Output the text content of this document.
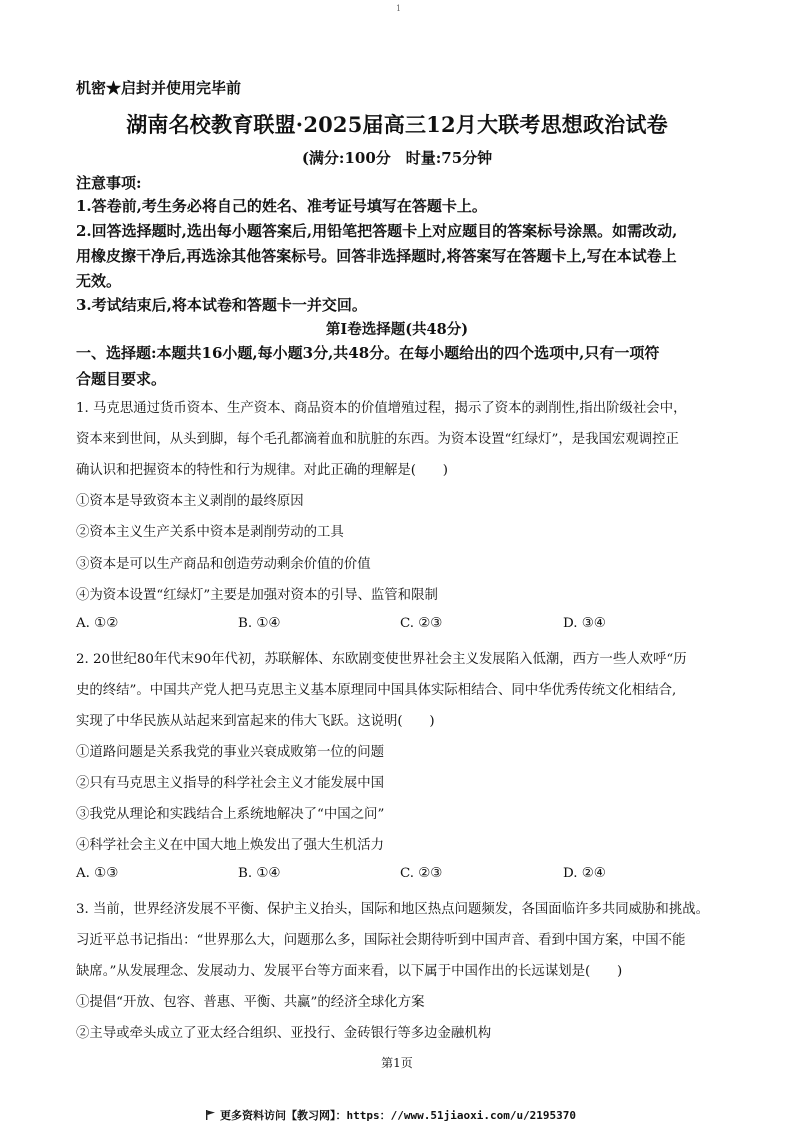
1
机密★启封并使用完毕前
湖南名校教育联盟·2025届高三12月大联考思想政治试卷
(满分:100分　时量:75分钟
注意事项:
1.答卷前,考生务必将自己的姓名、准考证号填写在答题卡上。
2.回答选择题时,选出每小题答案后,用铅笔把答题卡上对应题目的答案标号涂黑。如需改动,
用橡皮擦干净后,再选涂其他答案标号。回答非选择题时,将答案写在答题卡上,写在本试卷上
无效。
3.考试结束后,将本试卷和答题卡一并交回。
第Ⅰ卷选择题(共48分)
一、选择题:本题共16小题,每小题3分,共48分。在每小题给出的四个选项中,只有一项符
合题目要求。
1. 马克思通过货币资本、生产资本、商品资本的价值增殖过程，揭示了资本的剥削性,指出阶级社会中，
资本来到世间，从头到脚，每个毛孔都滴着血和肮脏的东西。为资本设置“红绿灯”，是我国宏观调控正
确认识和把握资本的特性和行为规律。对此正确的理解是(　　)
①资本是导致资本主义剥削的最终原因
②资本主义生产关系中资本是剥削劳动的工具
③资本是可以生产商品和创造劳动剩余价值的价值
④为资本设置“红绿灯”主要是加强对资本的引导、监管和限制
A. ①②	B. ①④	C. ②③	D. ③④
2. 20世纪80年代末90年代初，苏联解体、东欧剧变使世界社会主义发展陷入低潮，西方一些人欢呼“历
史的终结”。中国共产党人把马克思主义基本原理同中国具体实际相结合、同中华优秀传统文化相结合,
实现了中华民族从站起来到富起来的伟大飞跃。这说明(　　)
①道路问题是关系我党的事业兴衰成败第一位的问题
②只有马克思主义指导的科学社会主义才能发展中国
③我党从理论和实践结合上系统地解决了“中国之问”
④科学社会主义在中国大地上焕发出了强大生机活力
A. ①③	B. ①④	C. ②③	D. ②④
3. 当前，世界经济发展不平衡、保护主义抬头，国际和地区热点问题频发，各国面临许多共同威胁和挑战。
习近平总书记指出：“世界那么大，问题那么多，国际社会期待听到中国声音、看到中国方案，中国不能
缺席。”从发展理念、发展动力、发展平台等方面来看，以下属于中国作出的长远谋划是(　　)
①提倡“开放、包容、普惠、平衡、共赢”的经济全球化方案
②主导或牵头成立了亚太经合组织、亚投行、金砖银行等多边金融机构
第1页
更多资料访问【教习网】：https：//www.51jiaoxi.com/u/2195370
